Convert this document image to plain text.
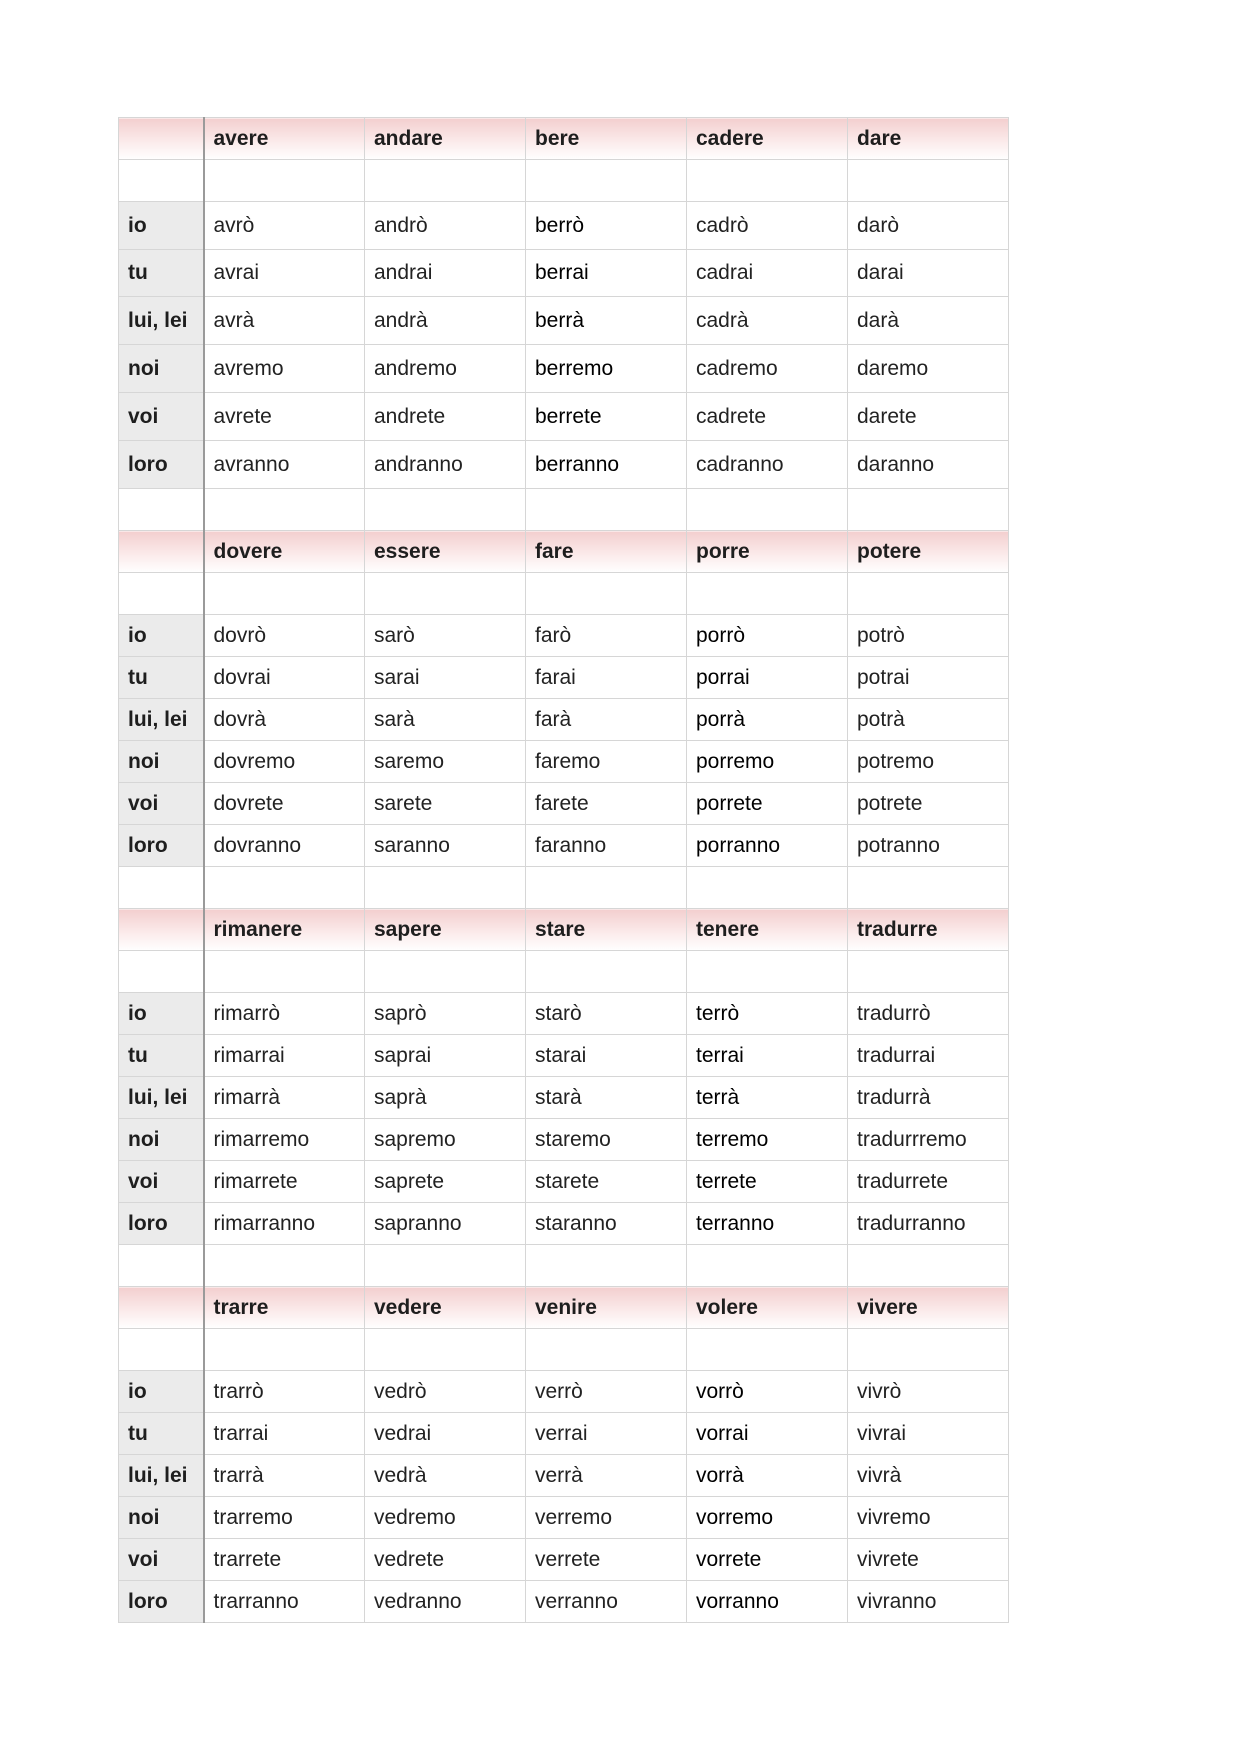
	avere	andare	bere	cadere	dare

io	avrò	andrò	berrò	cadrò	darò
tu	avrai	andrai	berrai	cadrai	darai
lui, lei	avrà	andrà	berrà	cadrà	darà
noi	avremo	andremo	berremo	cadremo	daremo
voi	avrete	andrete	berrete	cadrete	darete
loro	avranno	andranno	berranno	cadranno	daranno

	dovere	essere	fare	porre	potere

io	dovrò	sarò	farò	porrò	potrò
tu	dovrai	sarai	farai	porrai	potrai
lui, lei	dovrà	sarà	farà	porrà	potrà
noi	dovremo	saremo	faremo	porremo	potremo
voi	dovrete	sarete	farete	porrete	potrete
loro	dovranno	saranno	faranno	porranno	potranno

	rimanere	sapere	stare	tenere	tradurre

io	rimarrò	saprò	starò	terrò	tradurrò
tu	rimarrai	saprai	starai	terrai	tradurrai
lui, lei	rimarrà	saprà	starà	terrà	tradurrà
noi	rimarremo	sapremo	staremo	terremo	tradurrremo
voi	rimarrete	saprete	starete	terrete	tradurrete
loro	rimarranno	sapranno	staranno	terranno	tradurranno

	trarre	vedere	venire	volere	vivere

io	trarrò	vedrò	verrò	vorrò	vivrò
tu	trarrai	vedrai	verrai	vorrai	vivrai
lui, lei	trarrà	vedrà	verrà	vorrà	vivrà
noi	trarremo	vedremo	verremo	vorremo	vivremo
voi	trarrete	vedrete	verrete	vorrete	vivrete
loro	trarranno	vedranno	verranno	vorranno	vivranno
